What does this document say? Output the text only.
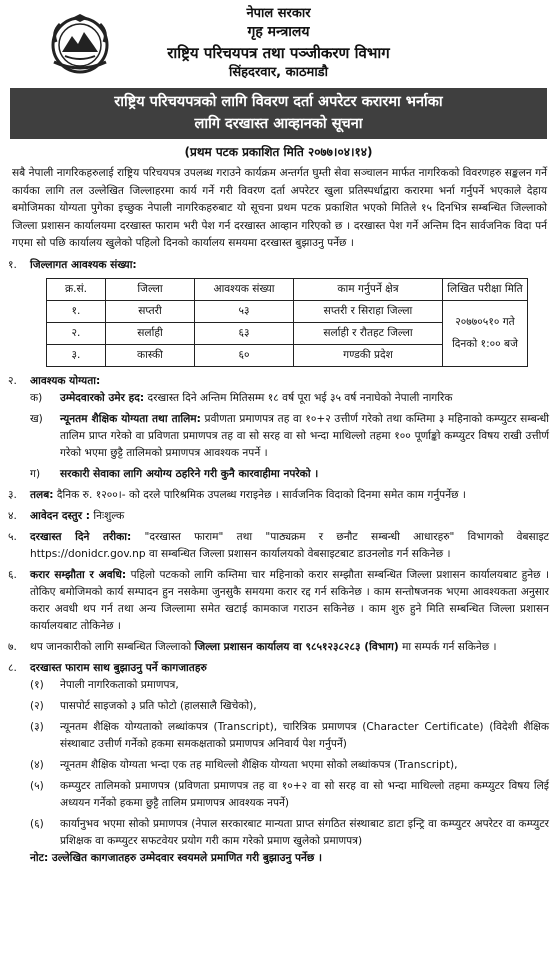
नेपाल सरकार
गृह मन्त्रालय
राष्ट्रिय परिचयपत्र तथा पञ्जीकरण विभाग
सिंहदरवार, काठमाडौ
राष्ट्रिय परिचयपत्रको लागि विवरण दर्ता अपरेटर करारमा भर्नाका
लागि दरखास्त आव्हानको सूचना
(प्रथम पटक प्रकाशित मिति २०७७।०४।१४)
सबै नेपाली नागरिकहरुलाई राष्ट्रिय परिचयपत्र उपलब्ध गराउने कार्यक्रम अन्तर्गत घुम्ती सेवा सञ्चालन मार्फत नागरिकको विवरणहरु सङ्कलन गर्ने कार्यका लागि तल उल्लेखित जिल्लाहरमा कार्य गर्ने गरी विवरण दर्ता अपरेटर खुला प्रतिस्पर्धाद्वारा करारमा भर्ना गर्नुपर्ने भएकाले देहाय बमोजिमका योग्यता पुगेका इच्छुक नेपाली नागरिकहरुबाट यो सूचना प्रथम पटक प्रकाशित भएको मितिले १५ दिनभित्र सम्बन्धित जिल्लाको जिल्ला प्रशासन कार्यालयमा दरखास्त फाराम भरी पेश गर्न दरखास्त आव्हान गरिएको छ । दरखास्त पेश गर्ने अन्तिम दिन सार्वजनिक विदा पर्न गएमा सो पछि कार्यालय खुलेको पहिलो दिनको कार्यालय समयमा दरखास्त बुझाउनु पर्नेछ ।
१.	जिल्लागत आवश्यक संख्या:
क्र.सं.	जिल्ला	आवश्यक संख्या	काम गर्नुपर्ने क्षेत्र	लिखित परीक्षा मिति
१.	सप्तरी	५३	सप्तरी र सिराहा जिल्ला	२०७७०५१० गते
दिनको १:०० बजे

२.	सर्लाही	६३	सर्लाही र रौतहट जिल्ला	
३.	कास्की	६०	गण्डकी प्रदेश	
२.	आवश्यक योग्यता:
क)	उम्मेदवारको उमेर हद: दरखास्त दिने अन्तिम मितिसम्म १८ वर्ष पूरा भई ३५ वर्ष ननाघेको नेपाली नागरिक
ख)	न्यूनतम शैक्षिक योग्यता तथा तालिम: प्रवीणता प्रमाणपत्र तह वा १०+२ उत्तीर्ण गरेको तथा कम्तिमा ३ महिनाको कम्प्युटर सम्बन्धी तालिम प्राप्त गरेको वा प्रविणता प्रमाणपत्र तह वा सो सरह वा सो भन्दा माथिल्लो तहमा १०० पूर्णाङ्को कम्प्युटर विषय राखी उत्तीर्ण गरेको भएमा छुट्टै तालिमको प्रमाणपत्र आवश्यक नपर्ने ।
ग)	सरकारी सेवाका लागि अयोग्य ठहरिने गरी कुनै कारवाहीमा नपरेको ।
३.	तलब: दैनिक रु. १२००।- को दरले पारिश्रमिक उपलब्ध गराइनेछ । सार्वजनिक विदाको दिनमा समेत काम गर्नुपर्नेछ ।
४.	आवेदन दस्तुर : निःशुल्क
५.	दरखास्त दिने तरीका: "दरखास्त फाराम" तथा "पाठ्यक्रम र छनौट सम्बन्धी आधारहरु" विभागको वेबसाइट https://donidcr.gov.np वा सम्बन्धित जिल्ला प्रशासन कार्यालयको वेबसाइटबाट डाउनलोड गर्न सकिनेछ ।
६.	करार सम्झौता र अवधि: पहिलो पटकको लागि कम्तिमा चार महिनाको करार सम्झौता सम्बन्धित जिल्ला प्रशासन कार्यालयबाट हुनेछ । तोकिए बमोजिमको कार्य सम्पादन हुन नसकेमा जुनसुकै समयमा करार रद्द गर्न सकिनेछ । काम सन्तोषजनक भएमा आवश्यकता अनुसार करार अवधी थप गर्न तथा अन्य जिल्लामा समेत खटाई कामकाज गराउन सकिनेछ । काम शुरु हुने मिति सम्बन्धित जिल्ला प्रशासन कार्यालयबाट तोकिनेछ ।
७.	थप जानकारीको लागि सम्बन्धित जिल्लाको जिल्ला प्रशासन कार्यालय वा ९८५१२३८२८३ (विभाग) मा सम्पर्क गर्न सकिनेछ ।
८.	दरखास्त फाराम साथ बुझाउनु पर्ने कागजातहरु
(१)	नेपाली नागरिकताको प्रमाणपत्र,
(२)	पासपोर्ट साइजको ३ प्रति फोटो (हालसालै खिचेको),
(३)	न्यूनतम शैक्षिक योग्यताको लब्धांकपत्र (Transcript), चारित्रिक प्रमाणपत्र (Character Certificate) (विदेशी शैक्षिक संस्थाबाट उत्तीर्ण गर्नेको हकमा समकक्षताको प्रमाणपत्र अनिवार्य पेश गर्नुपर्ने)
(४)	न्यूनतम शैक्षिक योग्यता भन्दा एक तह माथिल्लो शैक्षिक योग्यता भएमा सोको लब्धांकपत्र (Transcript),
(५)	कम्प्युटर तालिमको प्रमाणपत्र (प्रविणता प्रमाणपत्र तह वा १०+२ वा सो सरह वा सो भन्दा माथिल्लो तहमा कम्प्युटर विषय लिई अध्ययन गर्नेको हकमा छुट्टै तालिम प्रमाणपत्र आवश्यक नपर्ने)
(६)	कार्यानुभव भएमा सोको प्रमाणपत्र (नेपाल सरकारबाट मान्यता प्राप्त संगठित संस्थाबाट डाटा इन्ट्रि वा कम्प्युटर अपरेटर वा कम्प्युटर प्रशिक्षक वा कम्प्युटर सफटवेयर प्रयोग गरी काम गरेको प्रमाण खुलेको प्रमाणपत्र)
नोट: उल्लेखित कागजातहरु उम्मेदवार स्वयमले प्रमाणित गरी बुझाउनु पर्नेछ ।
